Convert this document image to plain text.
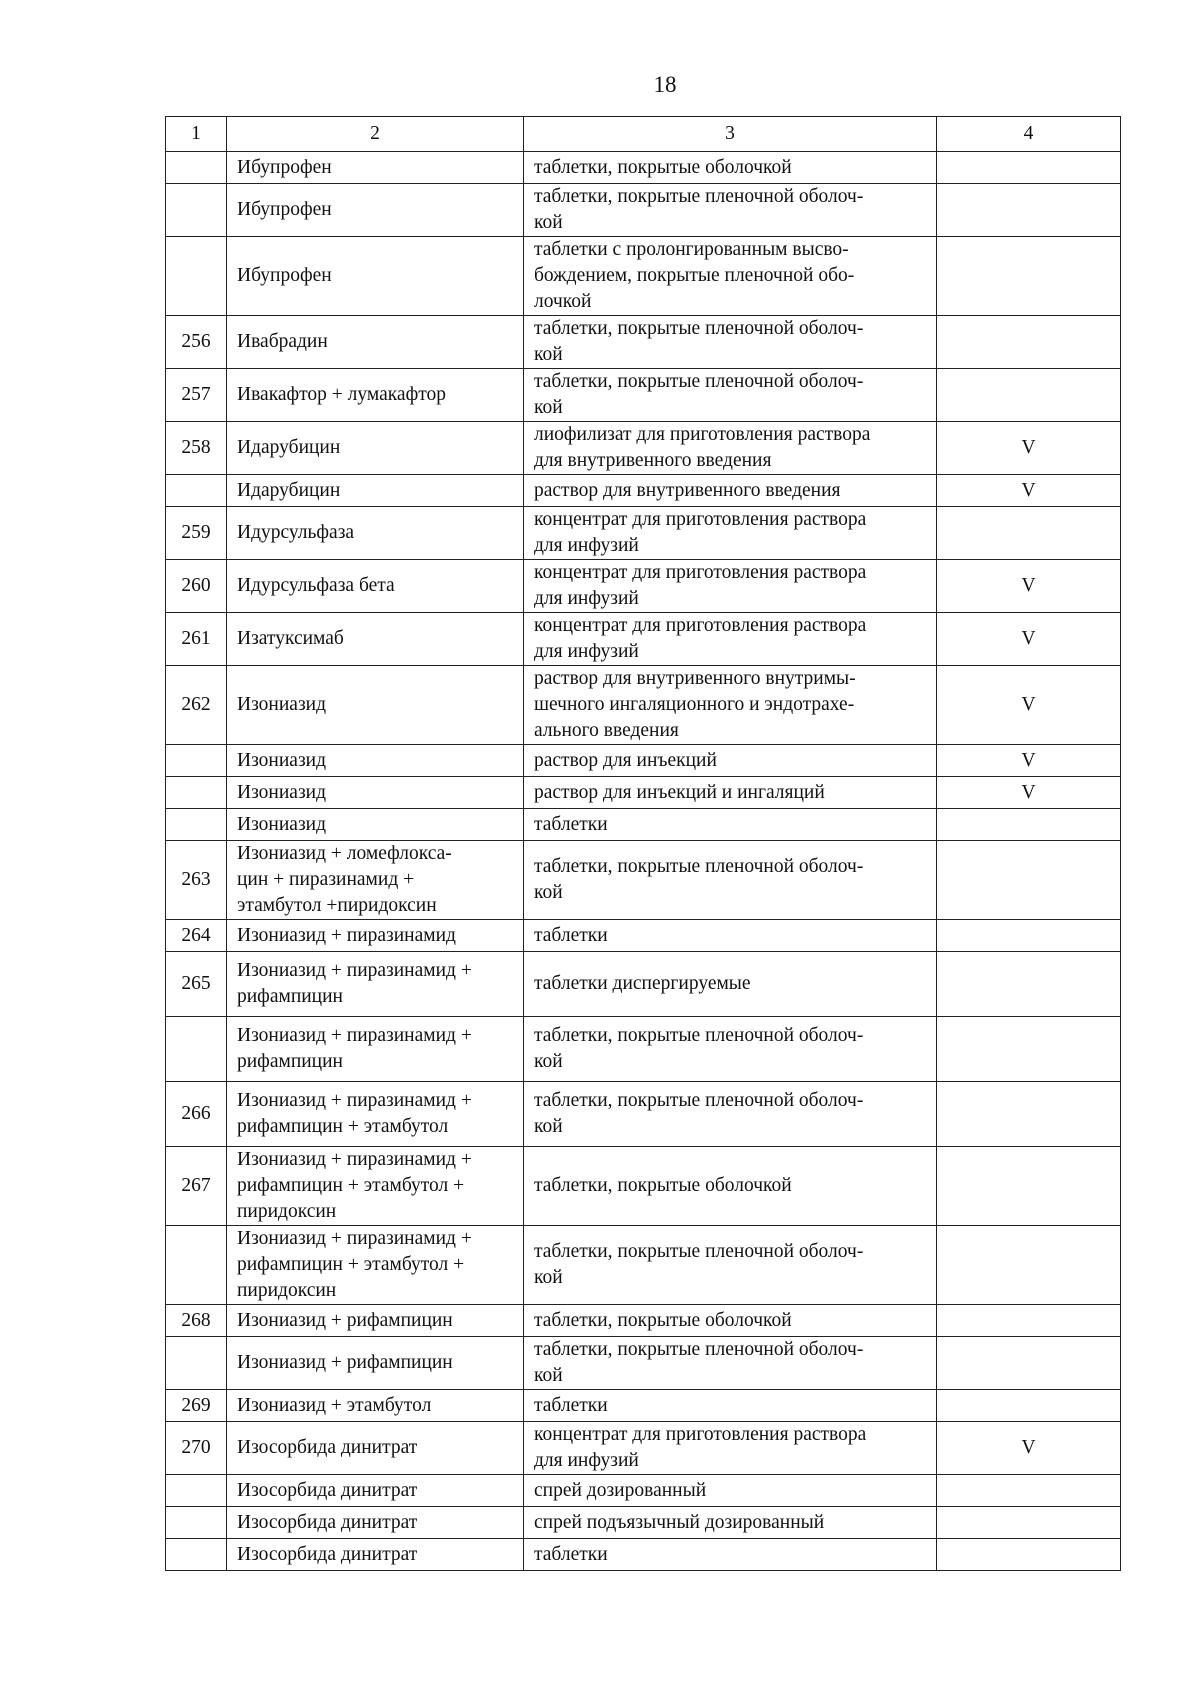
18
1	2	3	4
	Ибупрофен	таблетки, покрытые оболочкой	
	Ибупрофен	таблетки, покрытые пленочной оболоч-
кой	
	Ибупрофен	таблетки с пролонгированным высво-
бождением, покрытые пленочной обо-
лочкой	
256	Ивабрадин	таблетки, покрытые пленочной оболоч-
кой	
257	Ивакафтор + лумакафтор	таблетки, покрытые пленочной оболоч-
кой	
258	Идарубицин	лиофилизат для приготовления раствора
для внутривенного введения	V
	Идарубицин	раствор для внутривенного введения	V
259	Идурсульфаза	концентрат для приготовления раствора
для инфузий	
260	Идурсульфаза бета	концентрат для приготовления раствора
для инфузий	V
261	Изатуксимаб	концентрат для приготовления раствора
для инфузий	V
262	Изониазид	раствор для внутривенного внутримы-
шечного ингаляционного и эндотрахе-
ального введения	V
	Изониазид	раствор для инъекций	V
	Изониазид	раствор для инъекций и ингаляций	V
	Изониазид	таблетки	
263	Изониазид + ломефлокса-
цин + пиразинамид +
этамбутол +пиридоксин	таблетки, покрытые пленочной оболоч-
кой	
264	Изониазид + пиразинамид	таблетки	
265	Изониазид + пиразинамид +
рифампицин	таблетки диспергируемые	
	Изониазид + пиразинамид +
рифампицин	таблетки, покрытые пленочной оболоч-
кой	
266	Изониазид + пиразинамид +
рифампицин + этамбутол	таблетки, покрытые пленочной оболоч-
кой	
267	Изониазид + пиразинамид +
рифампицин + этамбутол +
пиридоксин	таблетки, покрытые оболочкой	
	Изониазид + пиразинамид +
рифампицин + этамбутол +
пиридоксин	таблетки, покрытые пленочной оболоч-
кой	
268	Изониазид + рифампицин	таблетки, покрытые оболочкой	
	Изониазид + рифампицин	таблетки, покрытые пленочной оболоч-
кой	
269	Изониазид + этамбутол	таблетки	
270	Изосорбида динитрат	концентрат для приготовления раствора
для инфузий	V
	Изосорбида динитрат	спрей дозированный	
	Изосорбида динитрат	спрей подъязычный дозированный	
	Изосорбида динитрат	таблетки	
